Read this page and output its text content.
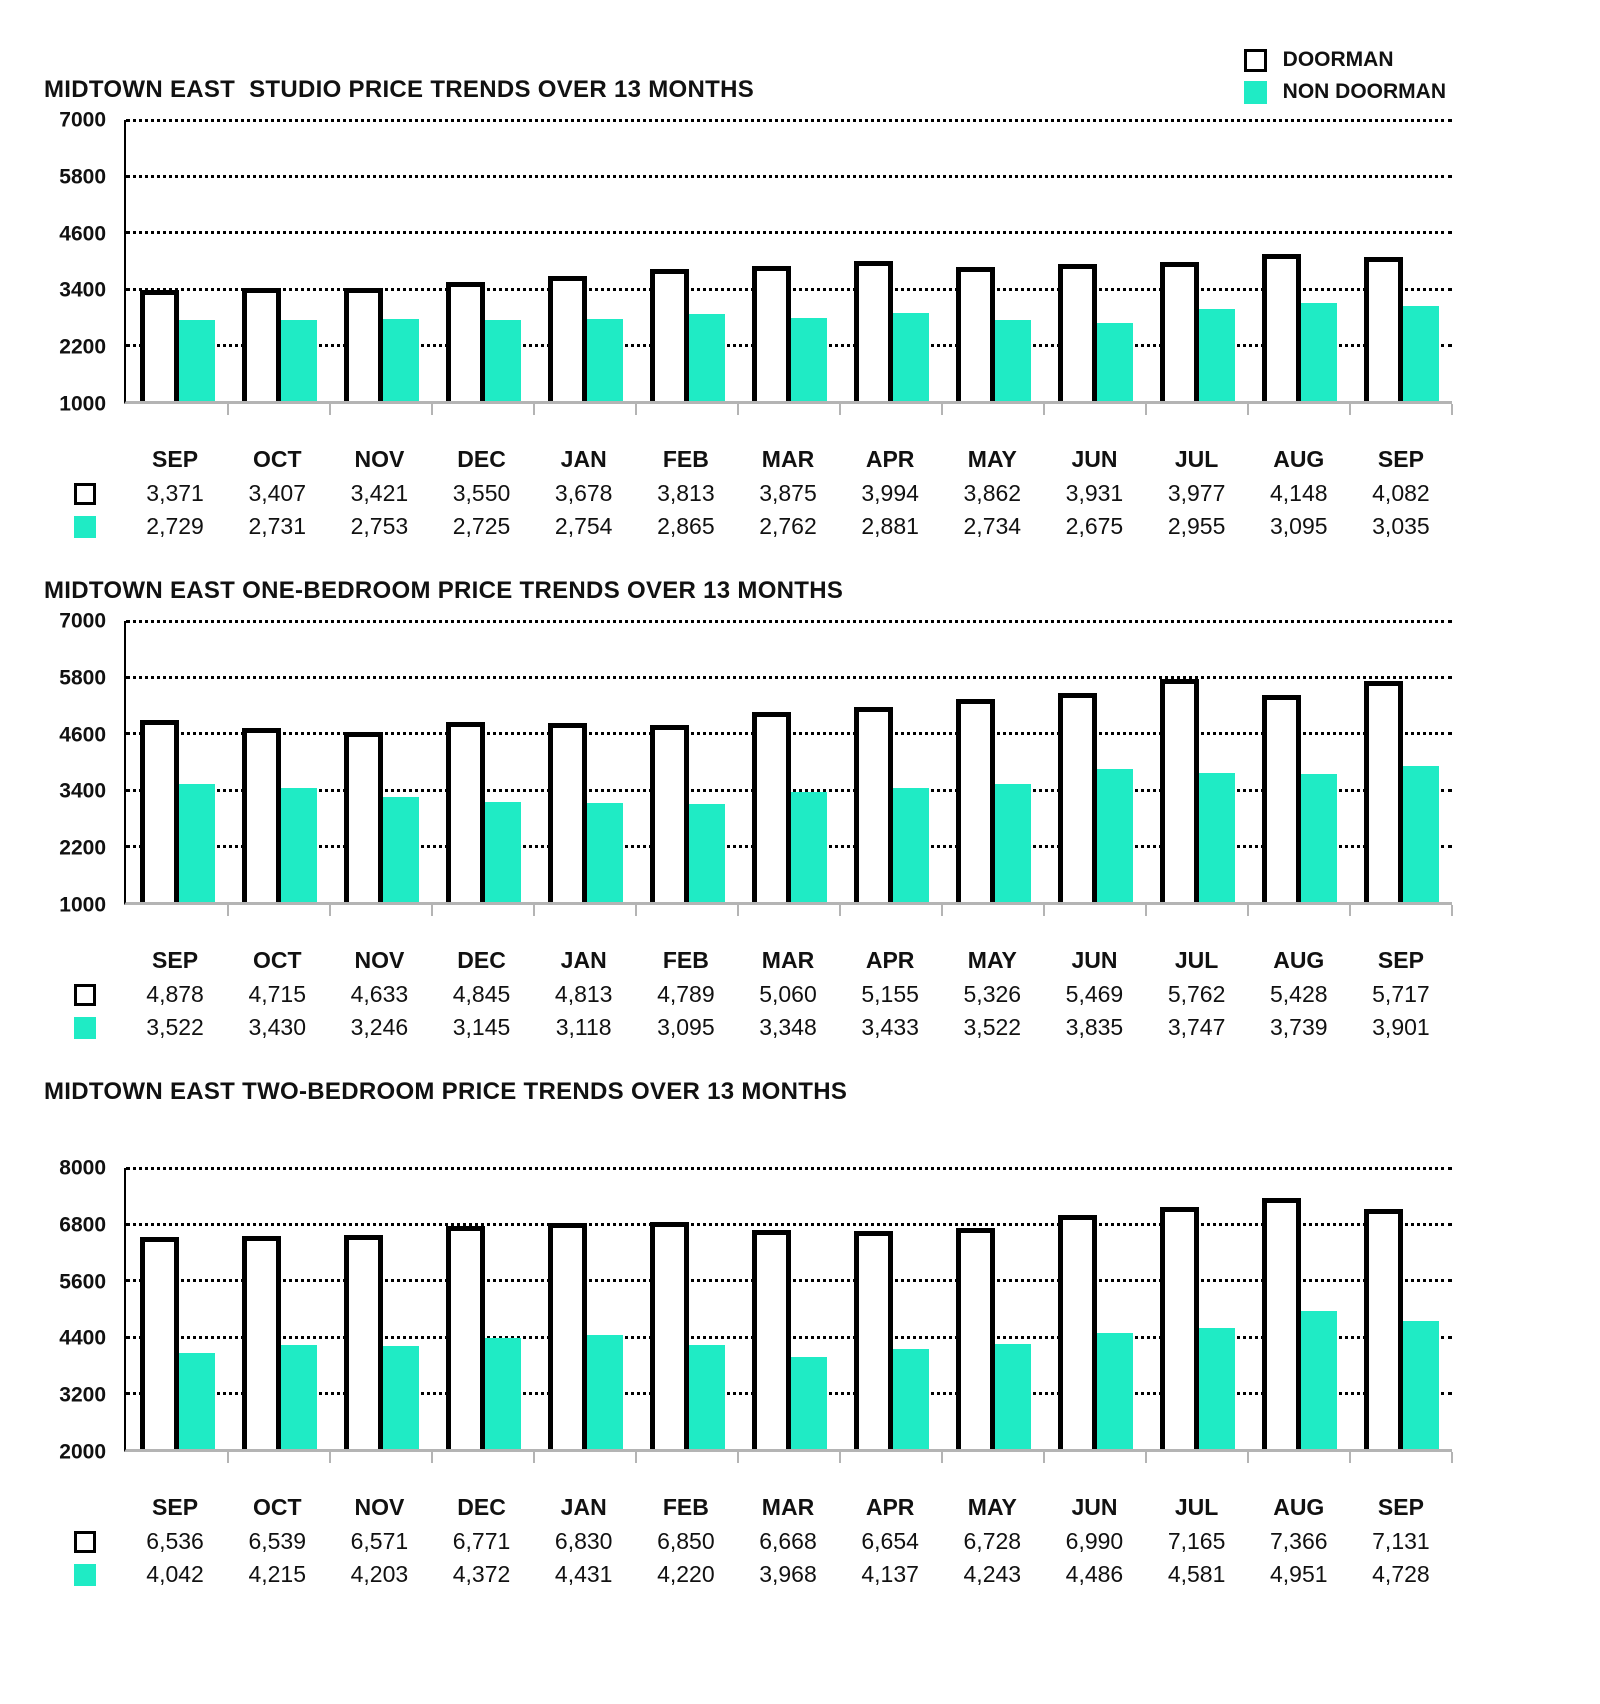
MIDTOWN EAST  STUDIO PRICE TRENDS OVER 13 MONTHS
DOORMAN
NON DOORMAN
7000
5800
4600
3400
2200
1000
SEP	OCT	NOV	DEC	JAN	FEB	MAR	APR	MAY	JUN	JUL	AUG	SEP
3,371	3,407	3,421	3,550	3,678	3,813	3,875	3,994	3,862	3,931	3,977	4,148	4,082
2,729	2,731	2,753	2,725	2,754	2,865	2,762	2,881	2,734	2,675	2,955	3,095	3,035
MIDTOWN EAST ONE-BEDROOM PRICE TRENDS OVER 13 MONTHS
7000
5800
4600
3400
2200
1000
SEP	OCT	NOV	DEC	JAN	FEB	MAR	APR	MAY	JUN	JUL	AUG	SEP
4,878	4,715	4,633	4,845	4,813	4,789	5,060	5,155	5,326	5,469	5,762	5,428	5,717
3,522	3,430	3,246	3,145	3,118	3,095	3,348	3,433	3,522	3,835	3,747	3,739	3,901
MIDTOWN EAST TWO-BEDROOM PRICE TRENDS OVER 13 MONTHS
8000
6800
5600
4400
3200
2000
SEP	OCT	NOV	DEC	JAN	FEB	MAR	APR	MAY	JUN	JUL	AUG	SEP
6,536	6,539	6,571	6,771	6,830	6,850	6,668	6,654	6,728	6,990	7,165	7,366	7,131
4,042	4,215	4,203	4,372	4,431	4,220	3,968	4,137	4,243	4,486	4,581	4,951	4,728
